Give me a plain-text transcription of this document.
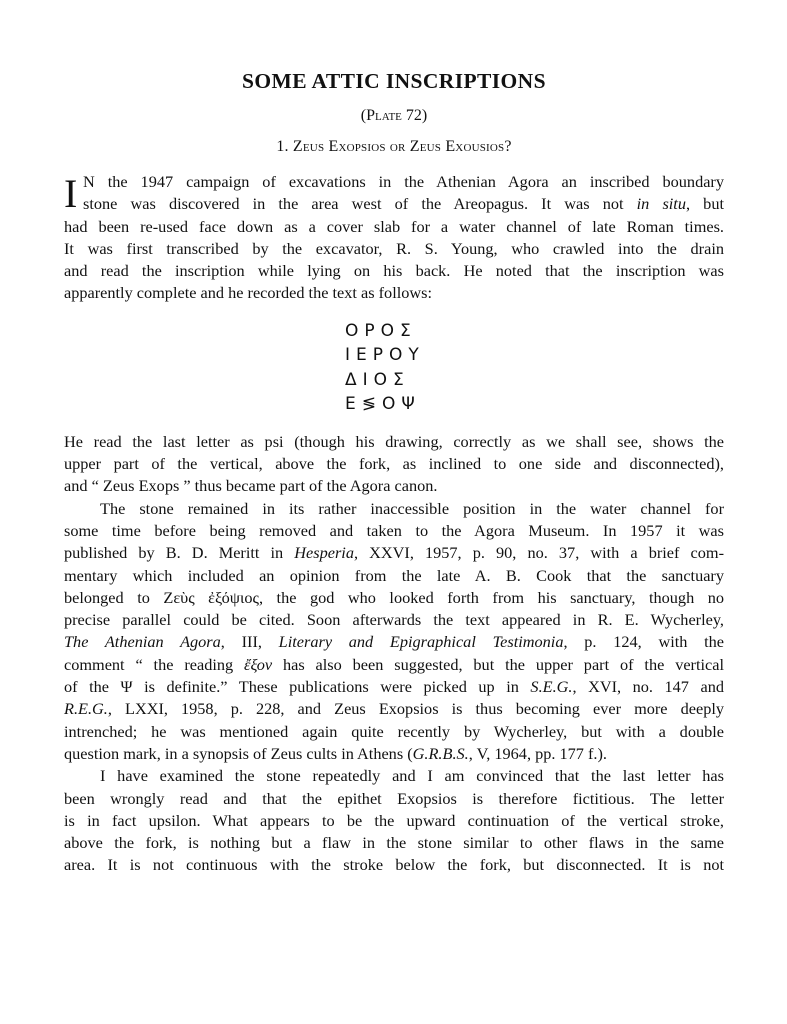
SOME ATTIC INSCRIPTIONS
(Plate 72)
1. Zeus Exopsios or Zeus Exousios?
I N the 1947 campaign of excavations in the Athenian Agora an inscribed boundary
stone was discovered in the area west of the Areopagus. It was not in situ, but
had been re-used face down as a cover slab for a water channel of late Roman times.
It was first transcribed by the excavator, R. S. Young, who crawled into the drain
and read the inscription while lying on his back. He noted that the inscription was
apparently complete and he recorded the text as follows:
ΟΡΟΣ
ΙΕΡΟΥ
ΔΙΟΣ
Ε≶ΟΨ
He read the last letter as psi (though his drawing, correctly as we shall see, shows the
upper part of the vertical, above the fork, as inclined to one side and disconnected),
and “ Zeus Exops ” thus became part of the Agora canon.
The stone remained in its rather inaccessible position in the water channel for
some time before being removed and taken to the Agora Museum. In 1957 it was
published by B. D. Meritt in Hesperia, XXVI, 1957, p. 90, no. 37, with a brief com-
mentary which included an opinion from the late A. B. Cook that the sanctuary
belonged to Ζεὺς ἐξόψιος, the god who looked forth from his sanctuary, though no
precise parallel could be cited. Soon afterwards the text appeared in R. E. Wycherley,
The Athenian Agora, III, Literary and Epigraphical Testimonia, p. 124, with the
comment “ the reading ἔξον has also been suggested, but the upper part of the vertical
of the Ψ is definite.” These publications were picked up in S.E.G., XVI, no. 147 and
R.E.G., LXXI, 1958, p. 228, and Zeus Exopsios is thus becoming ever more deeply
intrenched; he was mentioned again quite recently by Wycherley, but with a double
question mark, in a synopsis of Zeus cults in Athens (G.R.B.S., V, 1964, pp. 177 f.).
I have examined the stone repeatedly and I am convinced that the last letter has
been wrongly read and that the epithet Exopsios is therefore fictitious. The letter
is in fact upsilon. What appears to be the upward continuation of the vertical stroke,
above the fork, is nothing but a flaw in the stone similar to other flaws in the same
area. It is not continuous with the stroke below the fork, but disconnected. It is not
